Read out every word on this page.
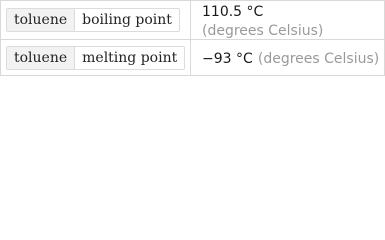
toluene boiling point	110.5 °C (degrees Celsius)

toluene melting point	−93 °C (degrees Celsius)
